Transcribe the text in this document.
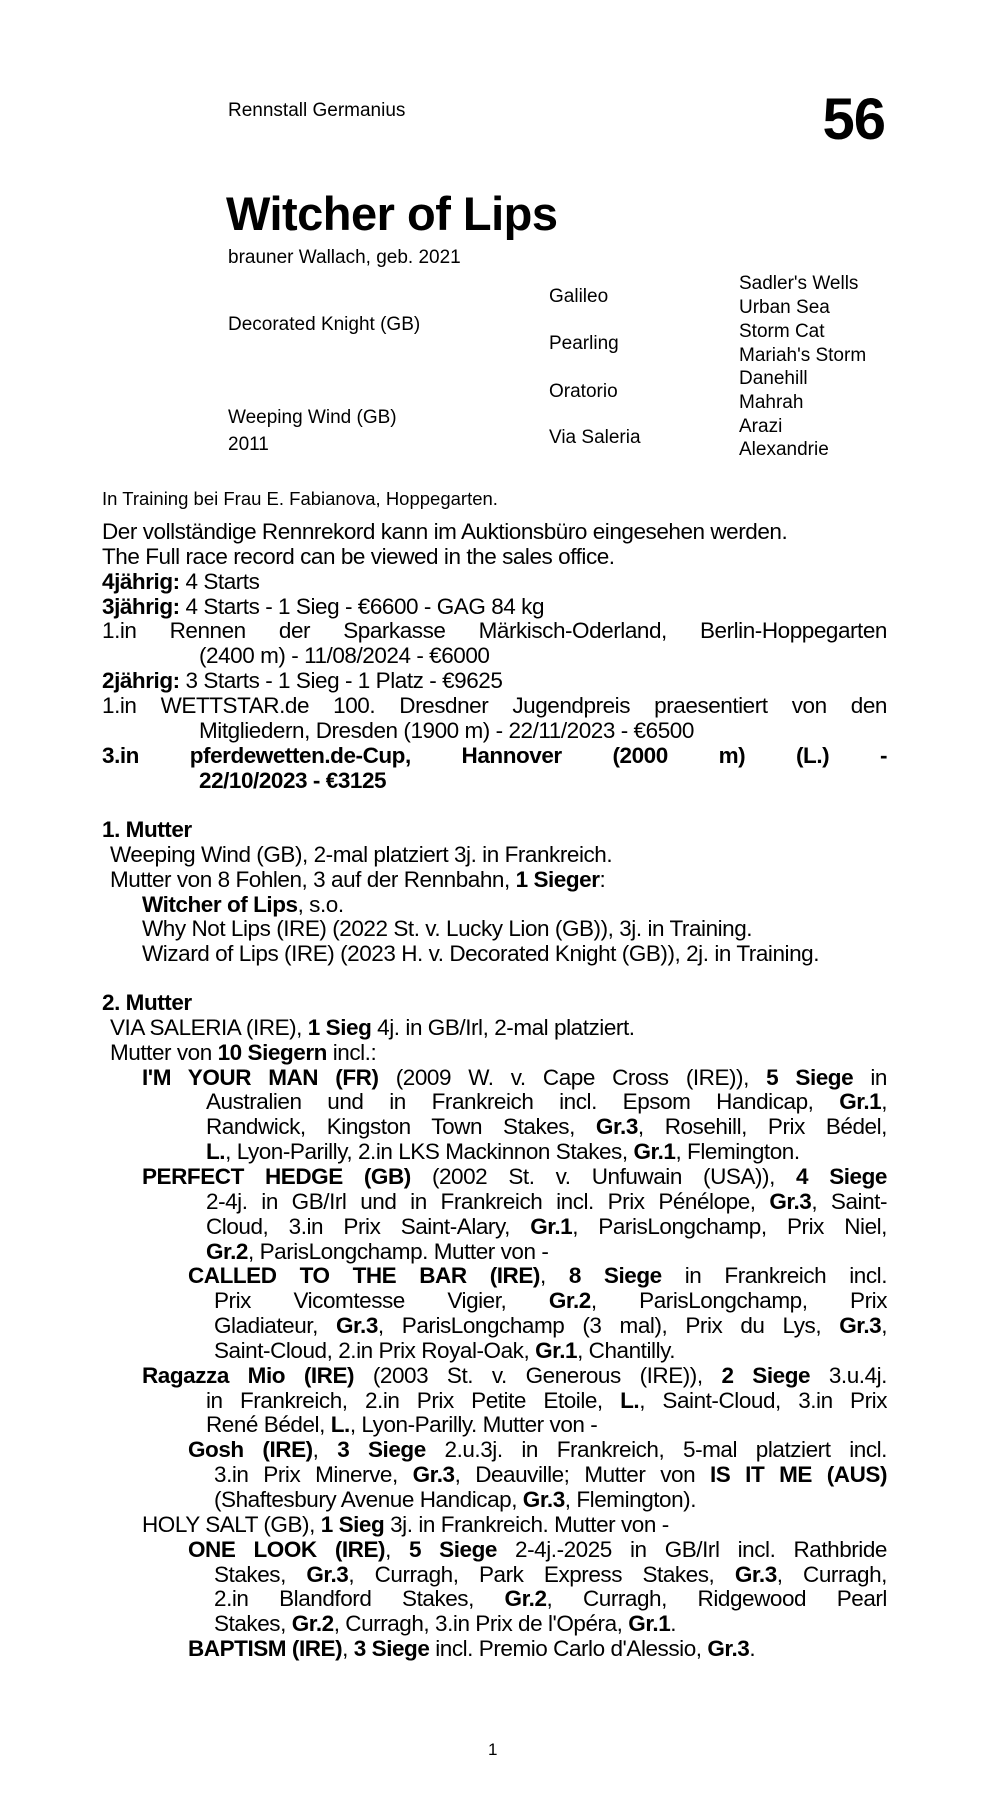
Rennstall Germanius	56
Witcher of Lips
brauner Wallach, geb. 2021
Decorated Knight (GB)
Weeping Wind (GB)
2011
Galileo
Pearling
Oratorio
Via Saleria
Sadler's Wells
Urban Sea
Storm Cat
Mariah's Storm
Danehill
Mahrah
Arazi
Alexandrie
In Training bei Frau E. Fabianova, Hoppegarten.
Der vollständige Rennrekord kann im Auktionsbüro eingesehen werden.
The Full race record can be viewed in the sales office.
4jährig: 4 Starts
3jährig: 4 Starts - 1 Sieg - €6600 - GAG 84 kg
1.in Rennen der Sparkasse Märkisch-Oderland, Berlin-Hoppegarten
(2400 m) - 11/08/2024 - €6000
2jährig: 3 Starts - 1 Sieg - 1 Platz - €9625
1.in WETTSTAR.de 100. Dresdner Jugendpreis praesentiert von den
Mitgliedern, Dresden (1900 m) - 22/11/2023 - €6500
3.in pferdewetten.de-Cup, Hannover (2000 m) (L.) -
22/10/2023 - €3125
1. Mutter
Weeping Wind (GB), 2-mal platziert 3j. in Frankreich.
Mutter von 8 Fohlen, 3 auf der Rennbahn, 1 Sieger:
Witcher of Lips, s.o.
Why Not Lips (IRE) (2022 St. v. Lucky Lion (GB)), 3j. in Training.
Wizard of Lips (IRE) (2023 H. v. Decorated Knight (GB)), 2j. in Training.
2. Mutter
VIA SALERIA (IRE), 1 Sieg 4j. in GB/Irl, 2-mal platziert.
Mutter von 10 Siegern incl.:
I'M YOUR MAN (FR) (2009 W. v. Cape Cross (IRE)), 5 Siege in
Australien und in Frankreich incl. Epsom Handicap, Gr.1,
Randwick, Kingston Town Stakes, Gr.3, Rosehill, Prix Bédel,
L., Lyon-Parilly, 2.in LKS Mackinnon Stakes, Gr.1, Flemington.
PERFECT HEDGE (GB) (2002 St. v. Unfuwain (USA)), 4 Siege
2-4j. in GB/Irl und in Frankreich incl. Prix Pénélope, Gr.3, Saint-
Cloud, 3.in Prix Saint-Alary, Gr.1, ParisLongchamp, Prix Niel,
Gr.2, ParisLongchamp. Mutter von -
CALLED TO THE BAR (IRE), 8 Siege in Frankreich incl.
Prix Vicomtesse Vigier, Gr.2, ParisLongchamp, Prix
Gladiateur, Gr.3, ParisLongchamp (3 mal), Prix du Lys, Gr.3,
Saint-Cloud, 2.in Prix Royal-Oak, Gr.1, Chantilly.
Ragazza Mio (IRE) (2003 St. v. Generous (IRE)), 2 Siege 3.u.4j.
in Frankreich, 2.in Prix Petite Etoile, L., Saint-Cloud, 3.in Prix
René Bédel, L., Lyon-Parilly. Mutter von -
Gosh (IRE), 3 Siege 2.u.3j. in Frankreich, 5-mal platziert incl.
3.in Prix Minerve, Gr.3, Deauville; Mutter von IS IT ME (AUS)
(Shaftesbury Avenue Handicap, Gr.3, Flemington).
HOLY SALT (GB), 1 Sieg 3j. in Frankreich. Mutter von -
ONE LOOK (IRE), 5 Siege 2-4j.-2025 in GB/Irl incl. Rathbride
Stakes, Gr.3, Curragh, Park Express Stakes, Gr.3, Curragh,
2.in Blandford Stakes, Gr.2, Curragh, Ridgewood Pearl
Stakes, Gr.2, Curragh, 3.in Prix de l'Opéra, Gr.1.
BAPTISM (IRE), 3 Siege incl. Premio Carlo d'Alessio, Gr.3.
1
